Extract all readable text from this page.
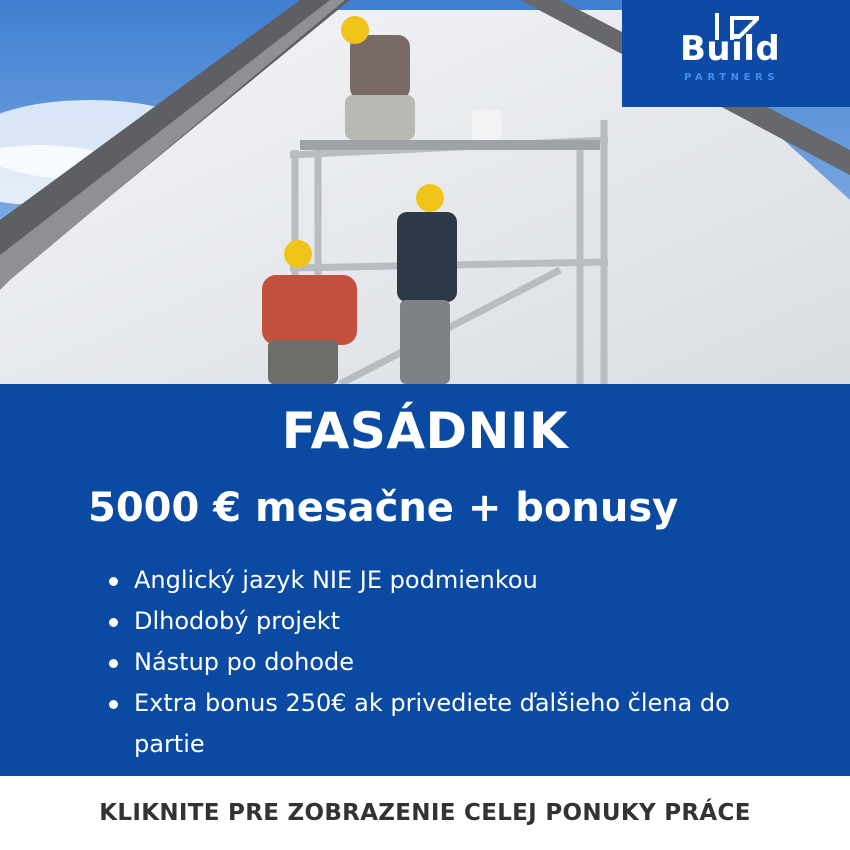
Build
PARTNERS
FASÁDNIK
5000 € mesačne + bonusy
Anglický jazyk NIE JE podmienkou
Dlhodobý projekt
Nástup po dohode
Extra bonus 250€ ak privediete ďalšieho člena do partie
KLIKNITE PRE ZOBRAZENIE CELEJ PONUKY PRÁCE
